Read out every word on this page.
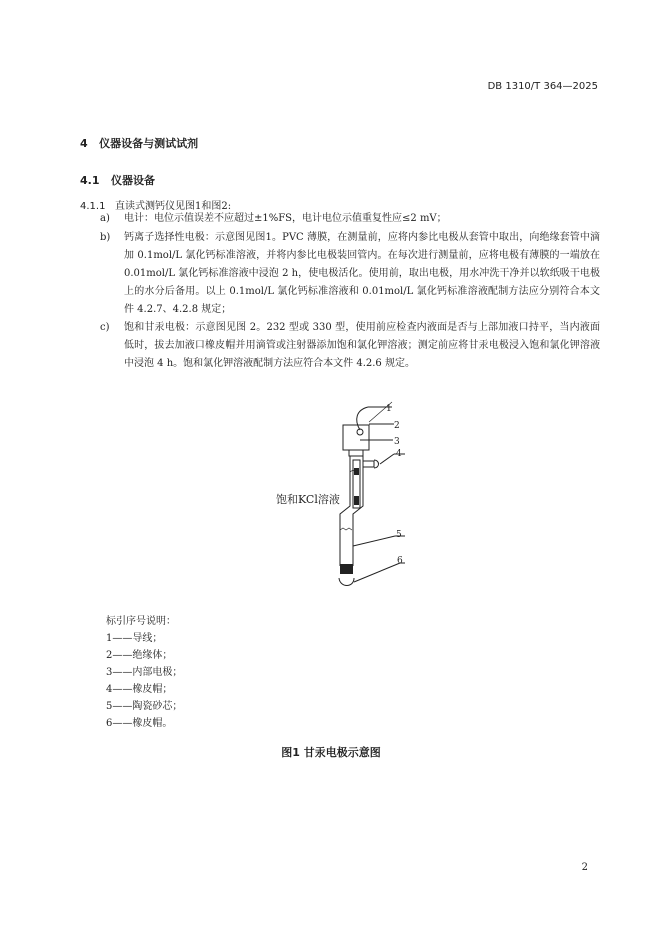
DB 1310/T 364—2025
4 仪器设备与测试试剂
4.1 仪器设备
4.1.1 直读式测钙仪见图1和图2:
a) 电计：电位示值误差不应超过±1%FS，电计电位示值重复性应≤2 mV；
b) 钙离子选择性电极：示意图见图1。PVC 薄膜，在测量前，应将内参比电极从套管中取出，向绝缘套管中滴加 0.1mol/L 氯化钙标准溶液，并将内参比电极装回管内。在每次进行测量前，应将电极有薄膜的一端放在 0.01mol/L 氯化钙标准溶液中浸泡 2 h，使电极活化。使用前，取出电极，用水冲洗干净并以软纸吸干电极上的水分后备用。以上 0.1mol/L 氯化钙标准溶液和 0.01mol/L 氯化钙标准溶液配制方法应分别符合本文件 4.2.7、4.2.8 规定；
c) 饱和甘汞电极：示意图见图 2。232 型或 330 型，使用前应检查内液面是否与上部加液口持平，当内液面低时，拔去加液口橡皮帽并用滴管或注射器添加饱和氯化钾溶液；测定前应将甘汞电极浸入饱和氯化钾溶液中浸泡 4 h。饱和氯化钾溶液配制方法应符合本文件 4.2.6 规定。
1
2
3
4
5
6
饱和KCl溶液
标引序号说明：
1——导线；
2——绝缘体；
3——内部电极；
4——橡皮帽；
5——陶瓷砂芯；
6——橡皮帽。
图1 甘汞电极示意图
2
